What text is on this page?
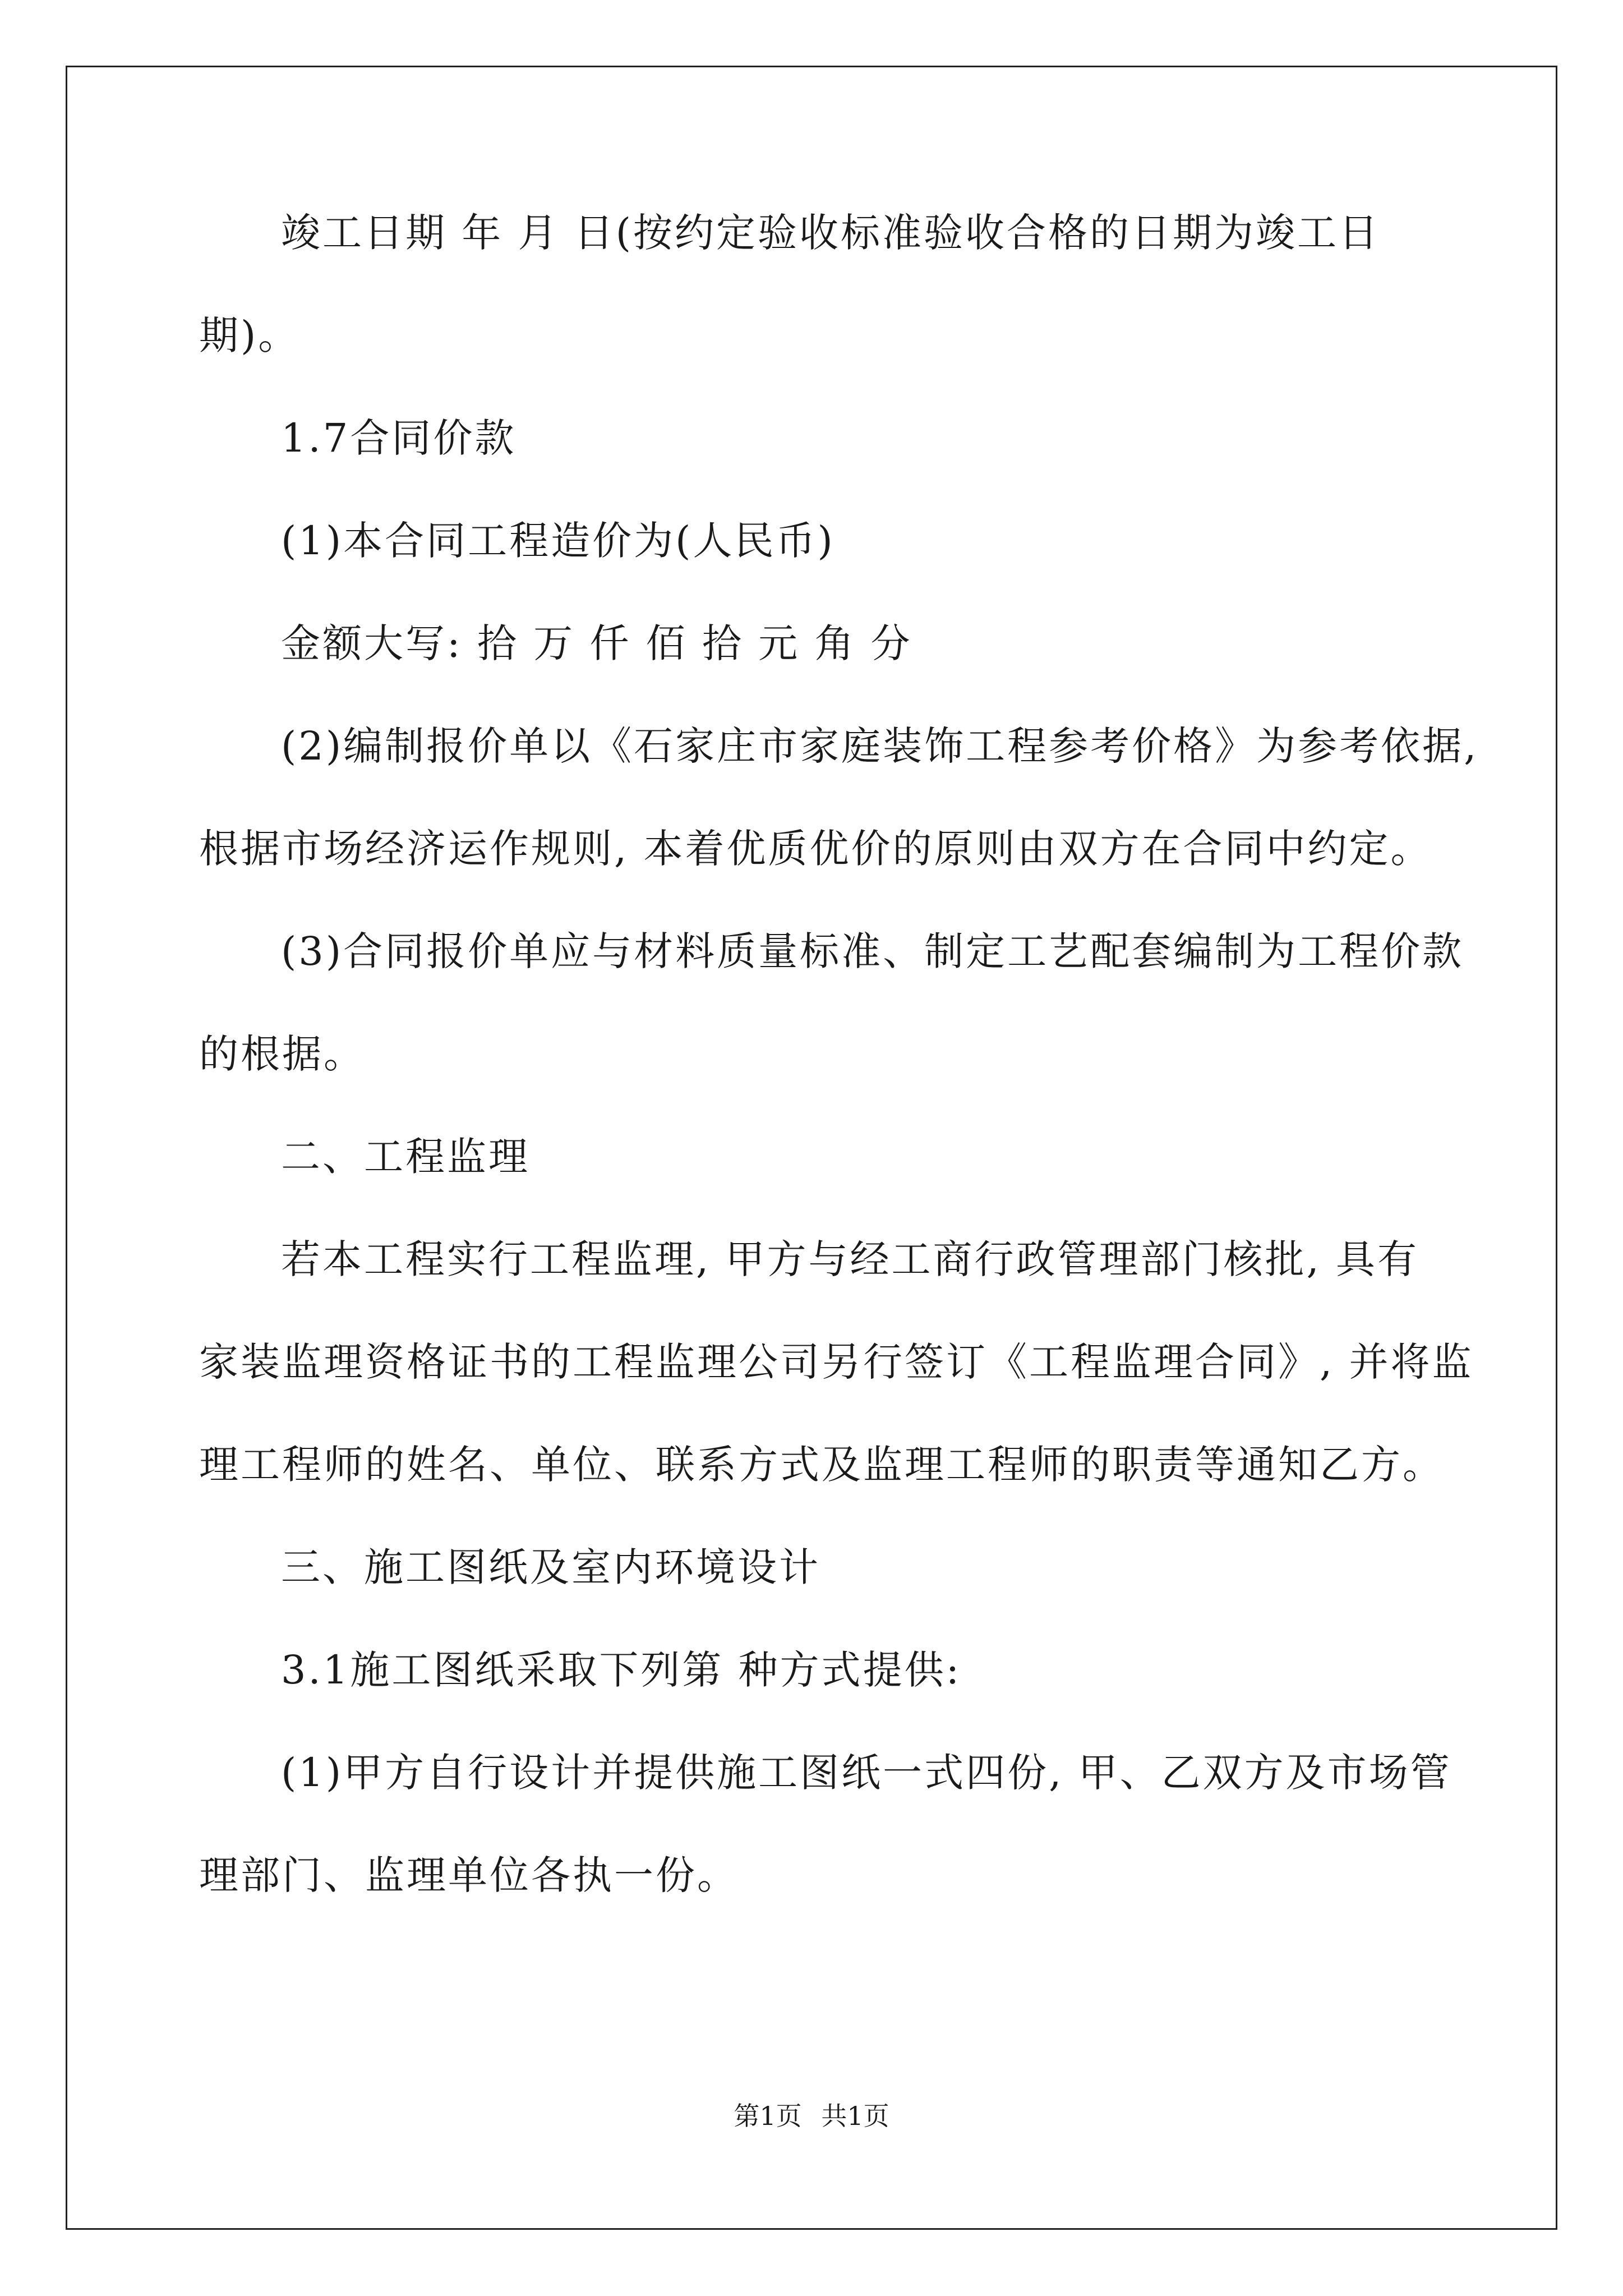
竣工日期 年 月 日(按约定验收标准验收合格的日期为竣工日
期)。
1.7合同价款
(1)本合同工程造价为(人民币)
金额大写: 拾 万 仟 佰 拾 元 角 分
(2)编制报价单以《石家庄市家庭装饰工程参考价格》为参考依据,
根据市场经济运作规则, 本着优质优价的原则由双方在合同中约定。
(3)合同报价单应与材料质量标准、制定工艺配套编制为工程价款
的根据。
二、工程监理
若本工程实行工程监理, 甲方与经工商行政管理部门核批, 具有
家装监理资格证书的工程监理公司另行签订《工程监理合同》, 并将监
理工程师的姓名、单位、联系方式及监理工程师的职责等通知乙方。
三、施工图纸及室内环境设计
3.1施工图纸采取下列第 种方式提供:
(1)甲方自行设计并提供施工图纸一式四份, 甲、乙双方及市场管
理部门、监理单位各执一份。
第1页 共1页
